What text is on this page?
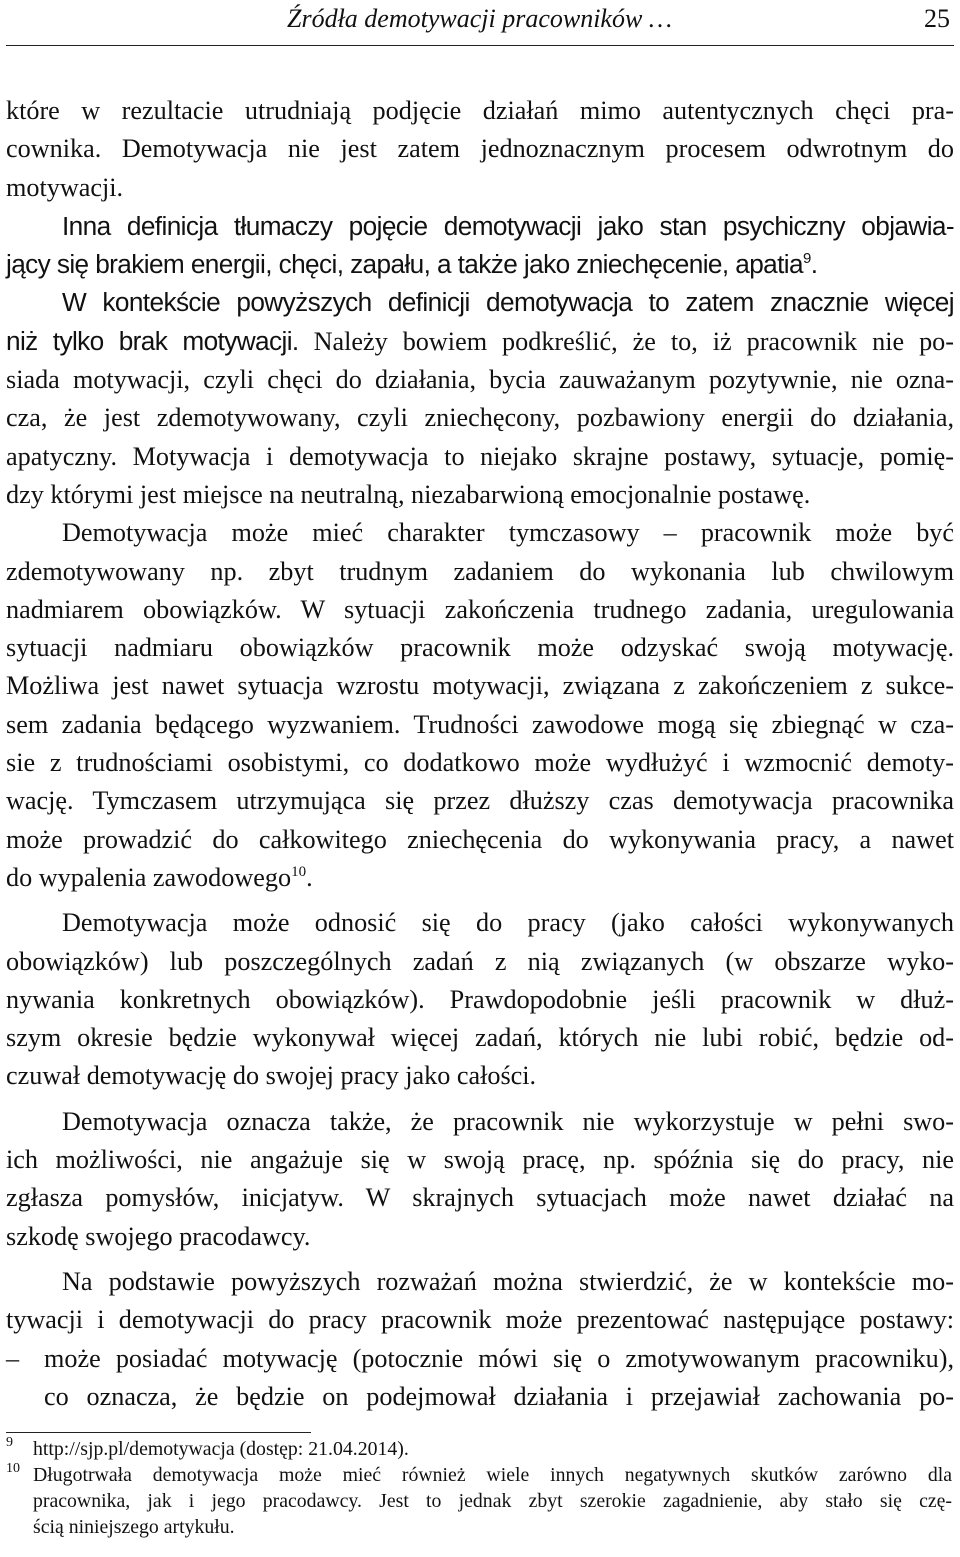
Źródła demotywacji pracowników …	25
które w rezultacie utrudniają podjęcie działań mimo autentycznych chęci pra-
cownika. Demotywacja nie jest zatem jednoznacznym procesem odwrotnym do
motywacji.
Inna definicja tłumaczy pojęcie demotywacji jako stan psychiczny objawia-
jący się brakiem energii, chęci, zapału, a także jako zniechęcenie, apatia$^9$.
W kontekście powyższych definicji demotywacja to zatem znacznie więcej
niż tylko brak motywacji. Należy bowiem podkreślić, że to, iż pracownik nie po-
siada motywacji, czyli chęci do działania, bycia zauważanym pozytywnie, nie ozna-
cza, że jest zdemotywowany, czyli zniechęcony, pozbawiony energii do działania,
apatyczny. Motywacja i demotywacja to niejako skrajne postawy, sytuacje, pomię-
dzy którymi jest miejsce na neutralną, niezabarwioną emocjonalnie postawę.
Demotywacja może mieć charakter tymczasowy – pracownik może być
zdemotywowany np. zbyt trudnym zadaniem do wykonania lub chwilowym
nadmiarem obowiązków. W sytuacji zakończenia trudnego zadania, uregulowania
sytuacji nadmiaru obowiązków pracownik może odzyskać swoją motywację.
Możliwa jest nawet sytuacja wzrostu motywacji, związana z zakończeniem z sukce-
sem zadania będącego wyzwaniem. Trudności zawodowe mogą się zbiegnąć w cza-
sie z trudnościami osobistymi, co dodatkowo może wydłużyć i wzmocnić demoty-
wację. Tymczasem utrzymująca się przez dłuższy czas demotywacja pracownika
może prowadzić do całkowitego zniechęcenia do wykonywania pracy, a nawet
do wypalenia zawodowego$^{10}$.
Demotywacja może odnosić się do pracy (jako całości wykonywanych
obowiązków) lub poszczególnych zadań z nią związanych (w obszarze wyko-
nywania konkretnych obowiązków). Prawdopodobnie jeśli pracownik w dłuż-
szym okresie będzie wykonywał więcej zadań, których nie lubi robić, będzie od-
czuwał demotywację do swojej pracy jako całości.
Demotywacja oznacza także, że pracownik nie wykorzystuje w pełni swo-
ich możliwości, nie angażuje się w swoją pracę, np. spóźnia się do pracy, nie
zgłasza pomysłów, inicjatyw. W skrajnych sytuacjach może nawet działać na
szkodę swojego pracodawcy.
Na podstawie powyższych rozważań można stwierdzić, że w kontekście mo-
tywacji i demotywacji do pracy pracownik może prezentować następujące postawy:
– może posiadać motywację (potocznie mówi się o zmotywowanym pracowniku),
co oznacza, że będzie on podejmował działania i przejawiał zachowania po-
9 http://sjp.pl/demotywacja (dostęp: 21.04.2014).
10 Długotrwała demotywacja może mieć również wiele innych negatywnych skutków zarówno dla
pracownika, jak i jego pracodawcy. Jest to jednak zbyt szerokie zagadnienie, aby stało się czę-
ścią niniejszego artykułu.
